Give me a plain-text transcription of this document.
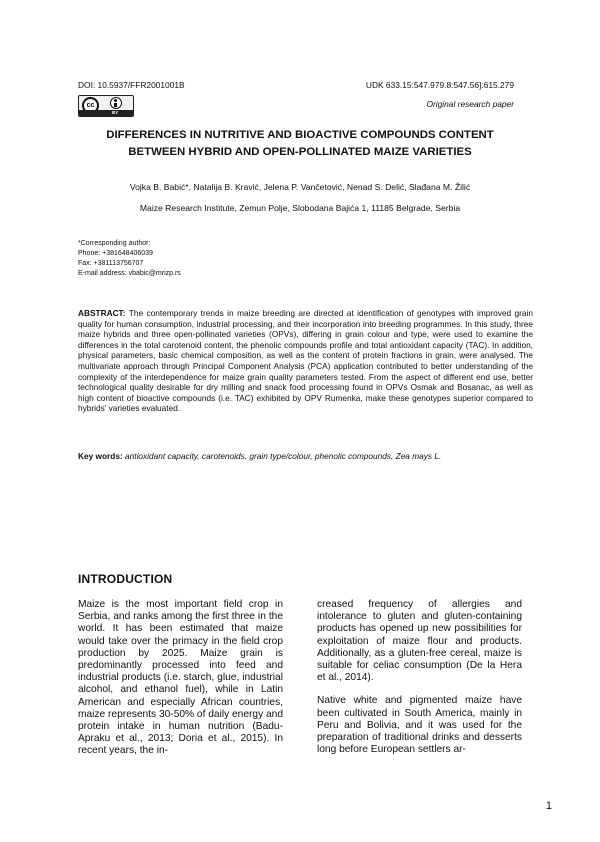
DOI: 10.5937/FFR2001001B	UDK 633.15:547.979.8:547.56]:615.279
cc
BY
Original research paper
DIFFERENCES IN NUTRITIVE AND BIOACTIVE COMPOUNDS CONTENT BETWEEN HYBRID AND OPEN-POLLINATED MAIZE VARIETIES
Vojka B. Babić*, Natalija B. Kravić, Jelena P. Vančetović, Nenad S. Delić, Slađana M. Žilić
Maize Research Institute, Zemun Polje, Slobodana Bajića 1, 11185 Belgrade, Serbia
*Corresponding author:
Phone: +381648406039
Fax: +381113756707
E-mail address: vbabic@mrizp.rs
ABSTRACT: The contemporary trends in maize breeding are directed at identification of genotypes with improved grain quality for human consumption, industrial processing, and their incorporation into breeding programmes. In this study, three maize hybrids and three open-pollinated varieties (OPVs), differing in grain colour and type, were used to examine the differences in the total carotenoid content, the phenolic compounds profile and total antioxidant capacity (TAC). In addition, physical parameters, basic chemical composition, as well as the content of protein fractions in grain, were analysed. The multivariate approach through Principal Component Analysis (PCA) application contributed to better understanding of the complexity of the interdependence for maize grain quality parameters tested. From the aspect of different end use, better technological quality desirable for dry milling and snack food processing found in OPVs Osmak and Bosanac, as well as high content of bioactive compounds (i.e. TAC) exhibited by OPV Rumenka, make these genotypes superior compared to hybrids' varieties evaluated.
Key words: antioxidant capacity, carotenoids, grain type/colour, phenolic compounds, Zea mays L.
INTRODUCTION

Maize is the most important field crop in Serbia, and ranks among the first three in the world. It has been estimated that maize would take over the primacy in the field crop production by 2025. Maize grain is predominantly processed into feed and industrial products (i.e. starch, glue, industrial alcohol, and ethanol fuel), while in Latin American and especially African countries, maize represents 30-50% of daily energy and protein intake in human nutrition (Badu-Apraku et al., 2013; Doria et al., 2015). In recent years, the in-

creased frequency of allergies and intolerance to gluten and gluten-containing products has opened up new possibilities for exploitation of maize flour and products. Additionally, as a gluten-free cereal, maize is suitable for celiac consumption (De la Hera et al., 2014).

Native white and pigmented maize have been cultivated in South America, mainly in Peru and Bolivia, and it was used for the preparation of traditional drinks and desserts long before European settlers ar-

1
